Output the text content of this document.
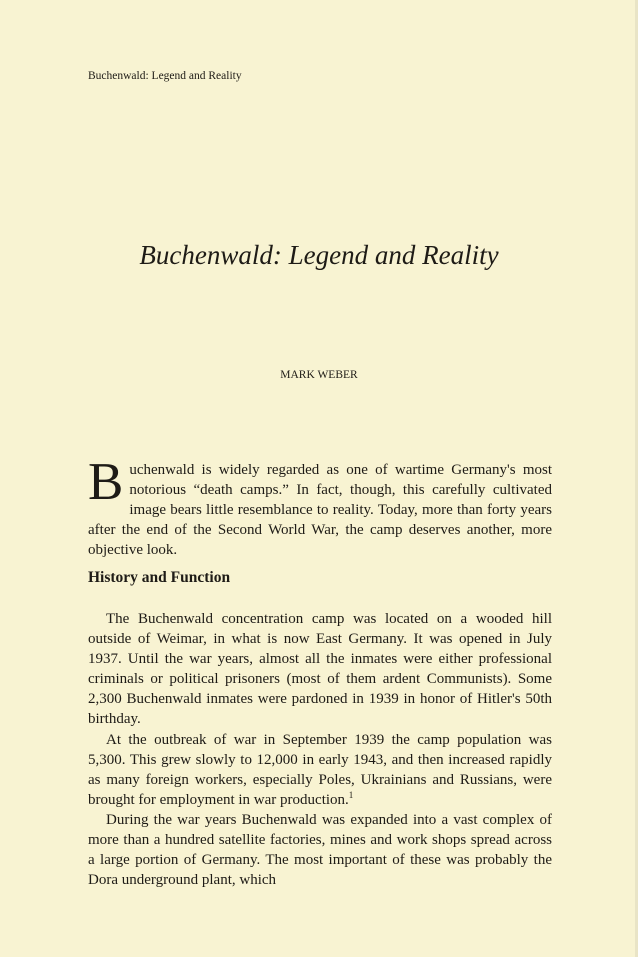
Buchenwald: Legend and Reality
Buchenwald: Legend and Reality
MARK WEBER
Buchenwald is widely regarded as one of wartime Germany's most notorious “death camps.” In fact, though, this carefully cultivated image bears little resemblance to reality. Today, more than forty years after the end of the Second World War, the camp deserves another, more objective look.
History and Function

The Buchenwald concentration camp was located on a wooded hill outside of Weimar, in what is now East Germany. It was opened in July 1937. Until the war years, almost all the inmates were either professional criminals or political prisoners (most of them ardent Communists). Some 2,300 Buchenwald inmates were pardoned in 1939 in honor of Hitler's 50th birthday.

At the outbreak of war in September 1939 the camp population was 5,300. This grew slowly to 12,000 in early 1943, and then increased rapidly as many foreign workers, especially Poles, Ukrainians and Russians, were brought for employment in war production.$^1$

During the war years Buchenwald was expanded into a vast complex of more than a hundred satellite factories, mines and work shops spread across a large portion of Germany. The most important of these was probably the Dora underground plant, which
